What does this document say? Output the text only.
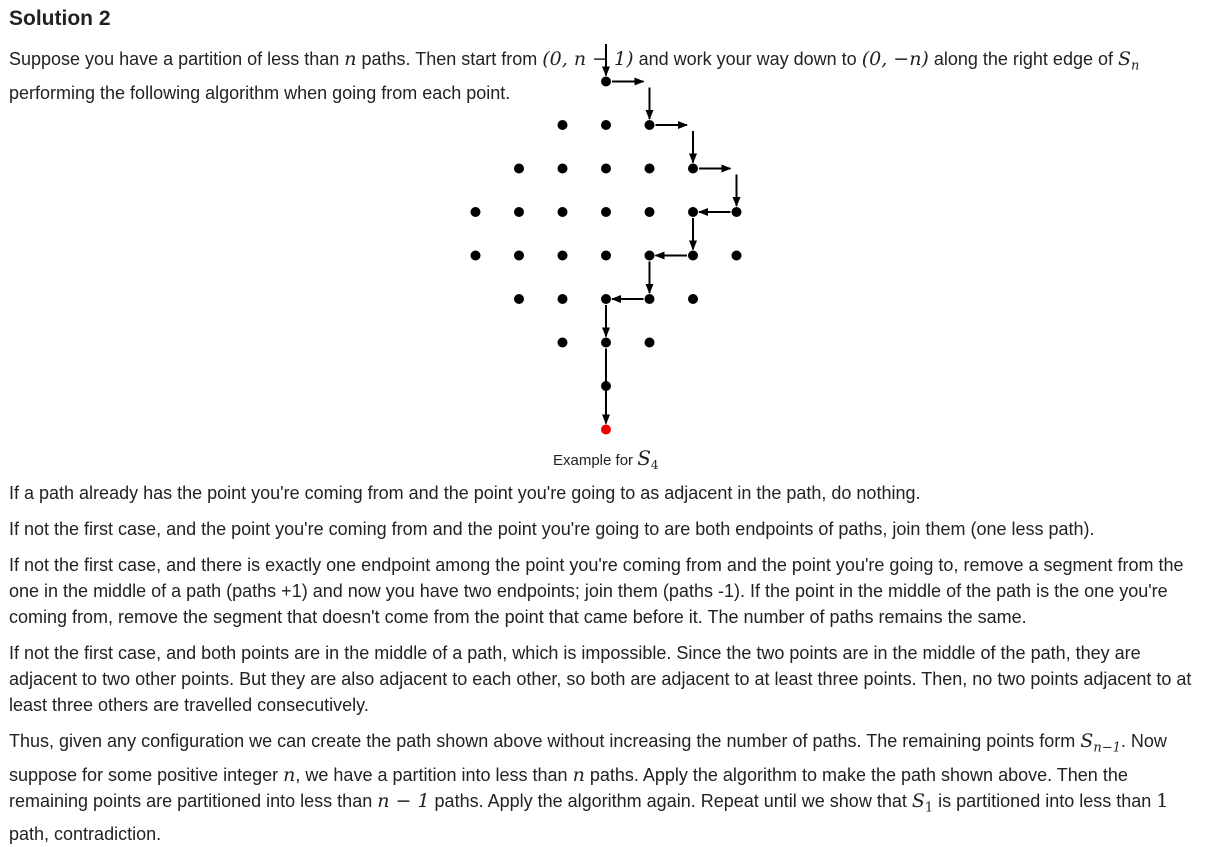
Solution 2

Suppose you have a partition of less than n paths. Then start from (0, n − 1) and work your way down to (0, −n) along the right edge of $S_n$ performing the following algorithm when going from each point.

Example for $S_4$

If a path already has the point you're coming from and the point you're going to as adjacent in the path, do nothing.

If not the first case, and the point you're coming from and the point you're going to are both endpoints of paths, join them (one less path).

If not the first case, and there is exactly one endpoint among the point you're coming from and the point you're going to, remove a segment from the one in the middle of a path (paths +1) and now you have two endpoints; join them (paths -1). If the point in the middle of the path is the one you're coming from, remove the segment that doesn't come from the point that came before it. The number of paths remains the same.

If not the first case, and both points are in the middle of a path, which is impossible. Since the two points are in the middle of the path, they are adjacent to two other points. But they are also adjacent to each other, so both are adjacent to at least three points. Then, no two points adjacent to at least three others are travelled consecutively.

Thus, given any configuration we can create the path shown above without increasing the number of paths. The remaining points form $S_{n-1}$. Now suppose for some positive integer n, we have a partition into less than n paths. Apply the algorithm to make the path shown above. Then the remaining points are partitioned into less than n − 1 paths. Apply the algorithm again. Repeat until we show that $S_1$ is partitioned into less than 1 path, contradiction.
